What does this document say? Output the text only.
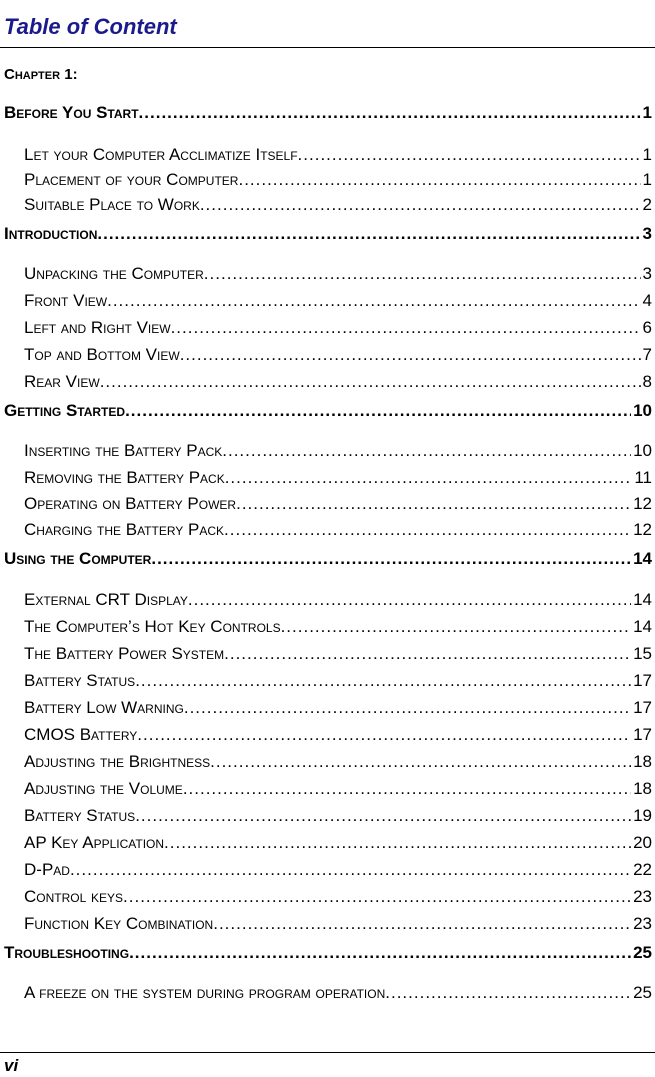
Table of Content
Chapter 1:
Before You Start .....	1
Let your Computer Acclimatize Itself .....	1
Placement of your Computer .....	1
Suitable Place to Work .....	2
Introduction .....	3
Unpacking the Computer .....	3
Front View .....	4
Left and Right View .....	6
Top and Bottom View .....	7
Rear View .....	8
Getting Started .....	10
Inserting the Battery Pack .....	10
Removing the Battery Pack .....	11
Operating on Battery Power .....	12
Charging the Battery Pack .....	12
Using the Computer .....	14
External CRT Display .....	14
The Computer’s Hot Key Controls .....	14
The Battery Power System .....	15
Battery Status .....	17
Battery Low Warning .....	17
CMOS Battery .....	17
Adjusting the Brightness .....	18
Adjusting the Volume .....	18
Battery Status .....	19
AP Key Application .....	20
D-Pad .....	22
Control keys .....	23
Function Key Combination .....	23
Troubleshooting .....	25
A freeze on the system during program operation .....	25
vi
